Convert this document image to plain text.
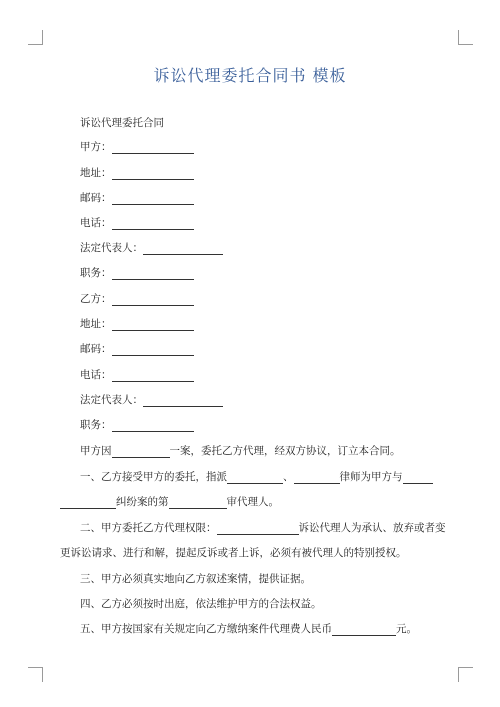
诉讼代理委托合同书 模板
诉讼代理委托合同
甲方：
地址：
邮码：
电话：
法定代表人：
职务：
乙方：
地址：
邮码：
电话：
法定代表人：
职务：
甲方因	一案，委托乙方代理，经双方协议，订立本合同。
一、乙方接受甲方的委托，指派	、	律师为甲方与
纠纷案的第	审代理人。
二、甲方委托乙方代理权限：	诉讼代理人为承认、放弃或者变
更诉讼请求、进行和解，提起反诉或者上诉，必须有被代理人的特别授权。
三、甲方必须真实地向乙方叙述案情，提供证据。
四、乙方必须按时出庭，依法维护甲方的合法权益。
五、甲方按国家有关规定向乙方缴纳案件代理费人民币	元。
